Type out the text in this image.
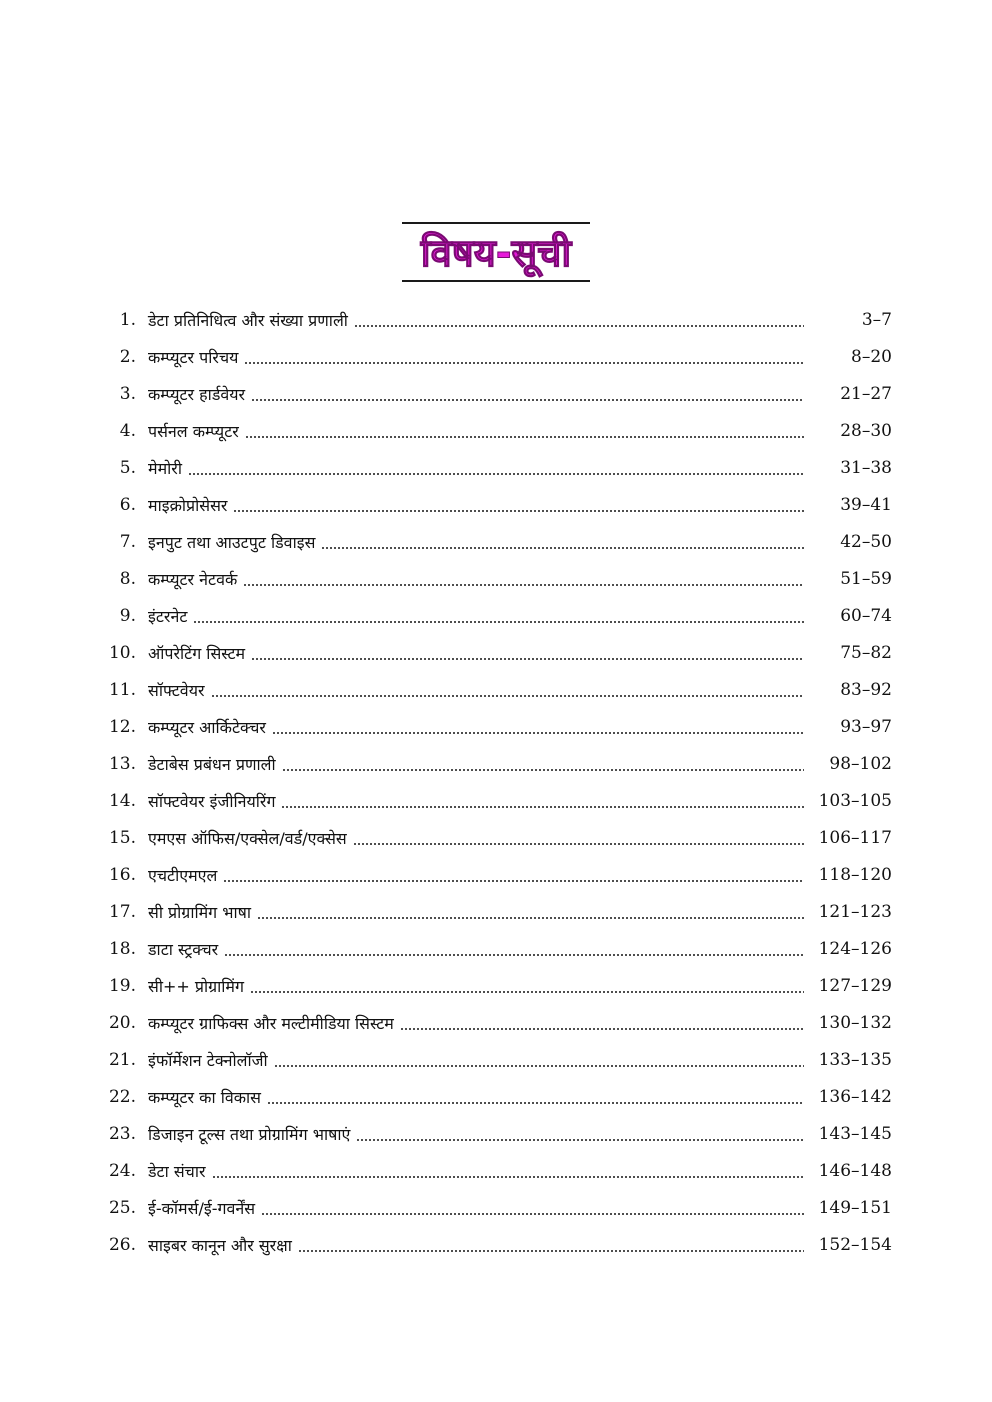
विषय-सूची
1. डेटा प्रतिनिधित्व और संख्या प्रणाली	3–7
2. कम्प्यूटर परिचय	8–20
3. कम्प्यूटर हार्डवेयर	21–27
4. पर्सनल कम्प्यूटर	28–30
5. मेमोरी	31–38
6. माइक्रोप्रोसेसर	39–41
7. इनपुट तथा आउटपुट डिवाइस	42–50
8. कम्प्यूटर नेटवर्क	51–59
9. इंटरनेट	60–74
10. ऑपरेटिंग सिस्टम	75–82
11. सॉफ्टवेयर	83–92
12. कम्प्यूटर आर्किटेक्चर	93–97
13. डेटाबेस प्रबंधन प्रणाली	98–102
14. सॉफ्टवेयर इंजीनियरिंग	103–105
15. एमएस ऑफिस/एक्सेल/वर्ड/एक्सेस	106–117
16. एचटीएमएल	118–120
17. सी प्रोग्रामिंग भाषा	121–123
18. डाटा स्ट्रक्चर	124–126
19. सी++ प्रोग्रामिंग	127–129
20. कम्प्यूटर ग्राफिक्स और मल्टीमीडिया सिस्टम	130–132
21. इंफॉर्मेशन टेक्नोलॉजी	133–135
22. कम्प्यूटर का विकास	136–142
23. डिजाइन टूल्स तथा प्रोग्रामिंग भाषाएं	143–145
24. डेटा संचार	146–148
25. ई-कॉमर्स/ई-गवर्नेंस	149–151
26. साइबर कानून और सुरक्षा	152–154
